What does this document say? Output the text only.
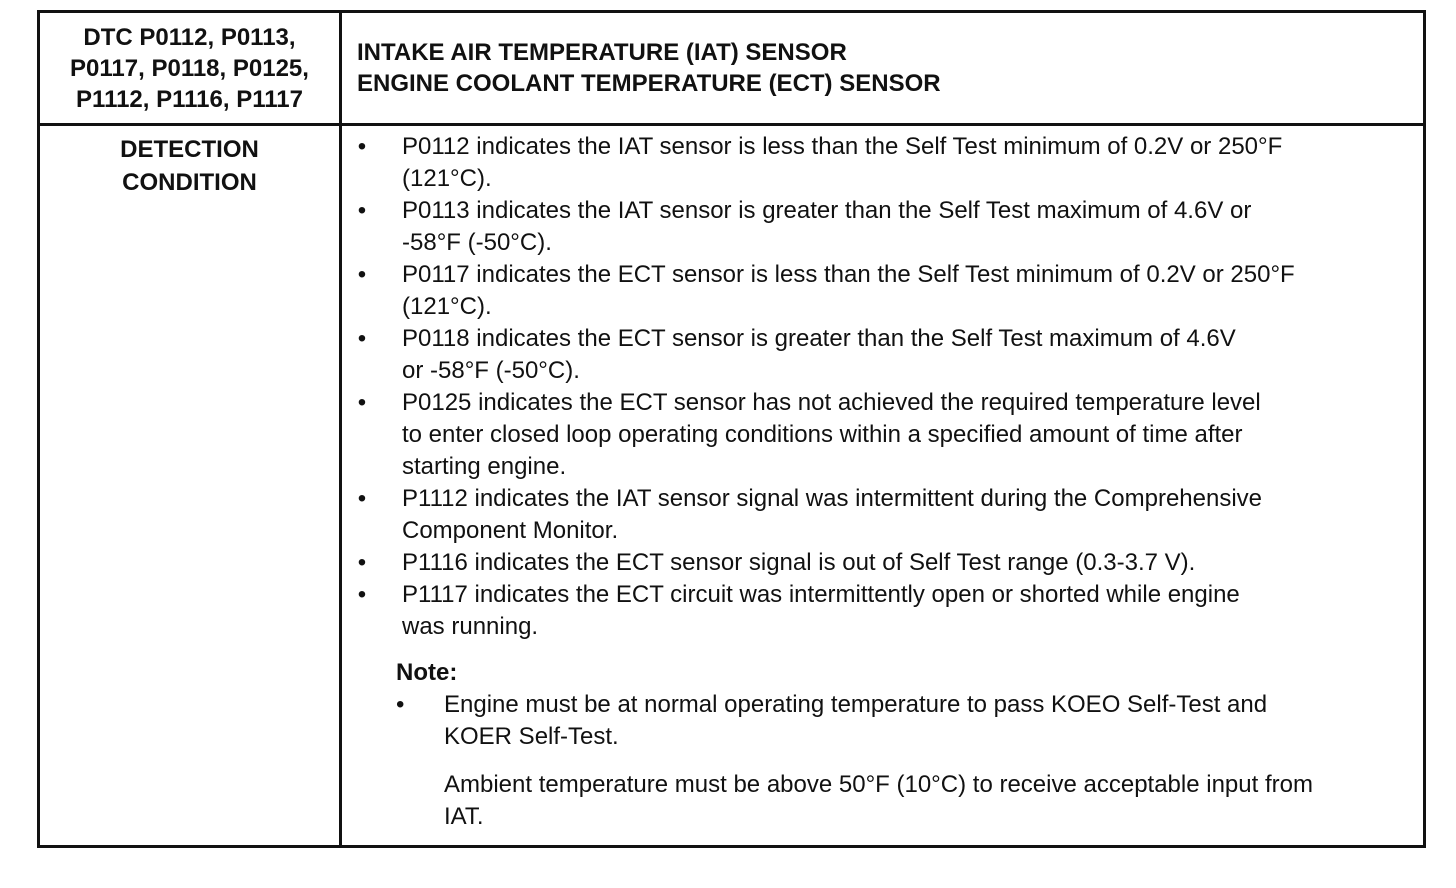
DTC P0112, P0113,
P0117, P0118, P0125,
P1112, P1116, P1117
INTAKE AIR TEMPERATURE (IAT) SENSOR
ENGINE COOLANT TEMPERATURE (ECT) SENSOR
DETECTION
CONDITION
• P0112 indicates the IAT sensor is less than the Self Test minimum of 0.2V or 250°F
(121°C).
• P0113 indicates the IAT sensor is greater than the Self Test maximum of 4.6V or
-58°F (-50°C).
• P0117 indicates the ECT sensor is less than the Self Test minimum of 0.2V or 250°F
(121°C).
• P0118 indicates the ECT sensor is greater than the Self Test maximum of 4.6V
or -58°F (-50°C).
• P0125 indicates the ECT sensor has not achieved the required temperature level
to enter closed loop operating conditions within a specified amount of time after
starting engine.
• P1112 indicates the IAT sensor signal was intermittent during the Comprehensive
Component Monitor.
• P1116 indicates the ECT sensor signal is out of Self Test range (0.3-3.7 V).
• P1117 indicates the ECT circuit was intermittently open or shorted while engine
was running.
Note:
•	Engine must be at normal operating temperature to pass KOEO Self-Test and
KOER Self-Test.
Ambient temperature must be above 50°F (10°C) to receive acceptable input from
IAT.
